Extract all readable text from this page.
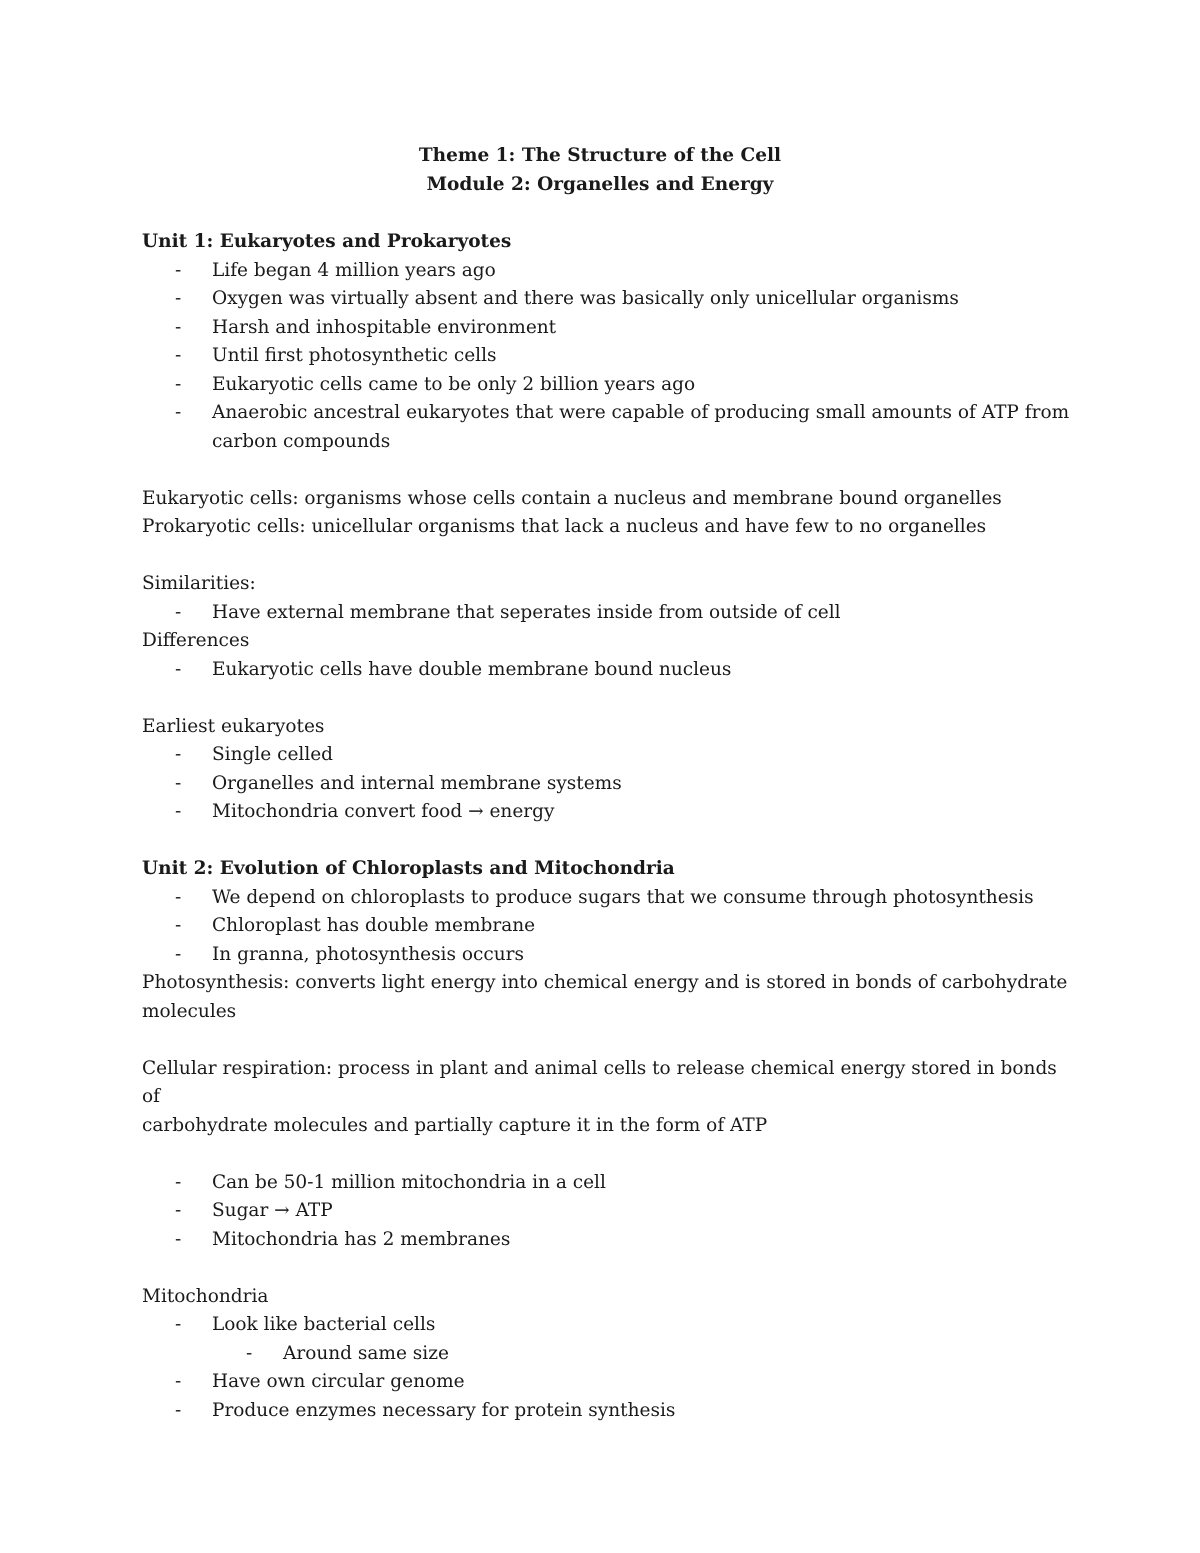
Theme 1: The Structure of the Cell
Module 2: Organelles and Energy
Unit 1: Eukaryotes and Prokaryotes
- Life began 4 million years ago
- Oxygen was virtually absent and there was basically only unicellular organisms
- Harsh and inhospitable environment
- Until first photosynthetic cells
- Eukaryotic cells came to be only 2 billion years ago
- Anaerobic ancestral eukaryotes that were capable of producing small amounts of ATP from
carbon compounds
Eukaryotic cells: organisms whose cells contain a nucleus and membrane bound organelles
Prokaryotic cells: unicellular organisms that lack a nucleus and have few to no organelles
Similarities:
- Have external membrane that seperates inside from outside of cell
Differences
- Eukaryotic cells have double membrane bound nucleus
Earliest eukaryotes
- Single celled
- Organelles and internal membrane systems
- Mitochondria convert food → energy
Unit 2: Evolution of Chloroplasts and Mitochondria
- We depend on chloroplasts to produce sugars that we consume through photosynthesis
- Chloroplast has double membrane
- In granna, photosynthesis occurs
Photosynthesis: converts light energy into chemical energy and is stored in bonds of carbohydrate
molecules
Cellular respiration: process in plant and animal cells to release chemical energy stored in bonds of
carbohydrate molecules and partially capture it in the form of ATP
- Can be 50-1 million mitochondria in a cell
- Sugar → ATP
- Mitochondria has 2 membranes
Mitochondria
- Look like bacterial cells
- Around same size
- Have own circular genome
- Produce enzymes necessary for protein synthesis
